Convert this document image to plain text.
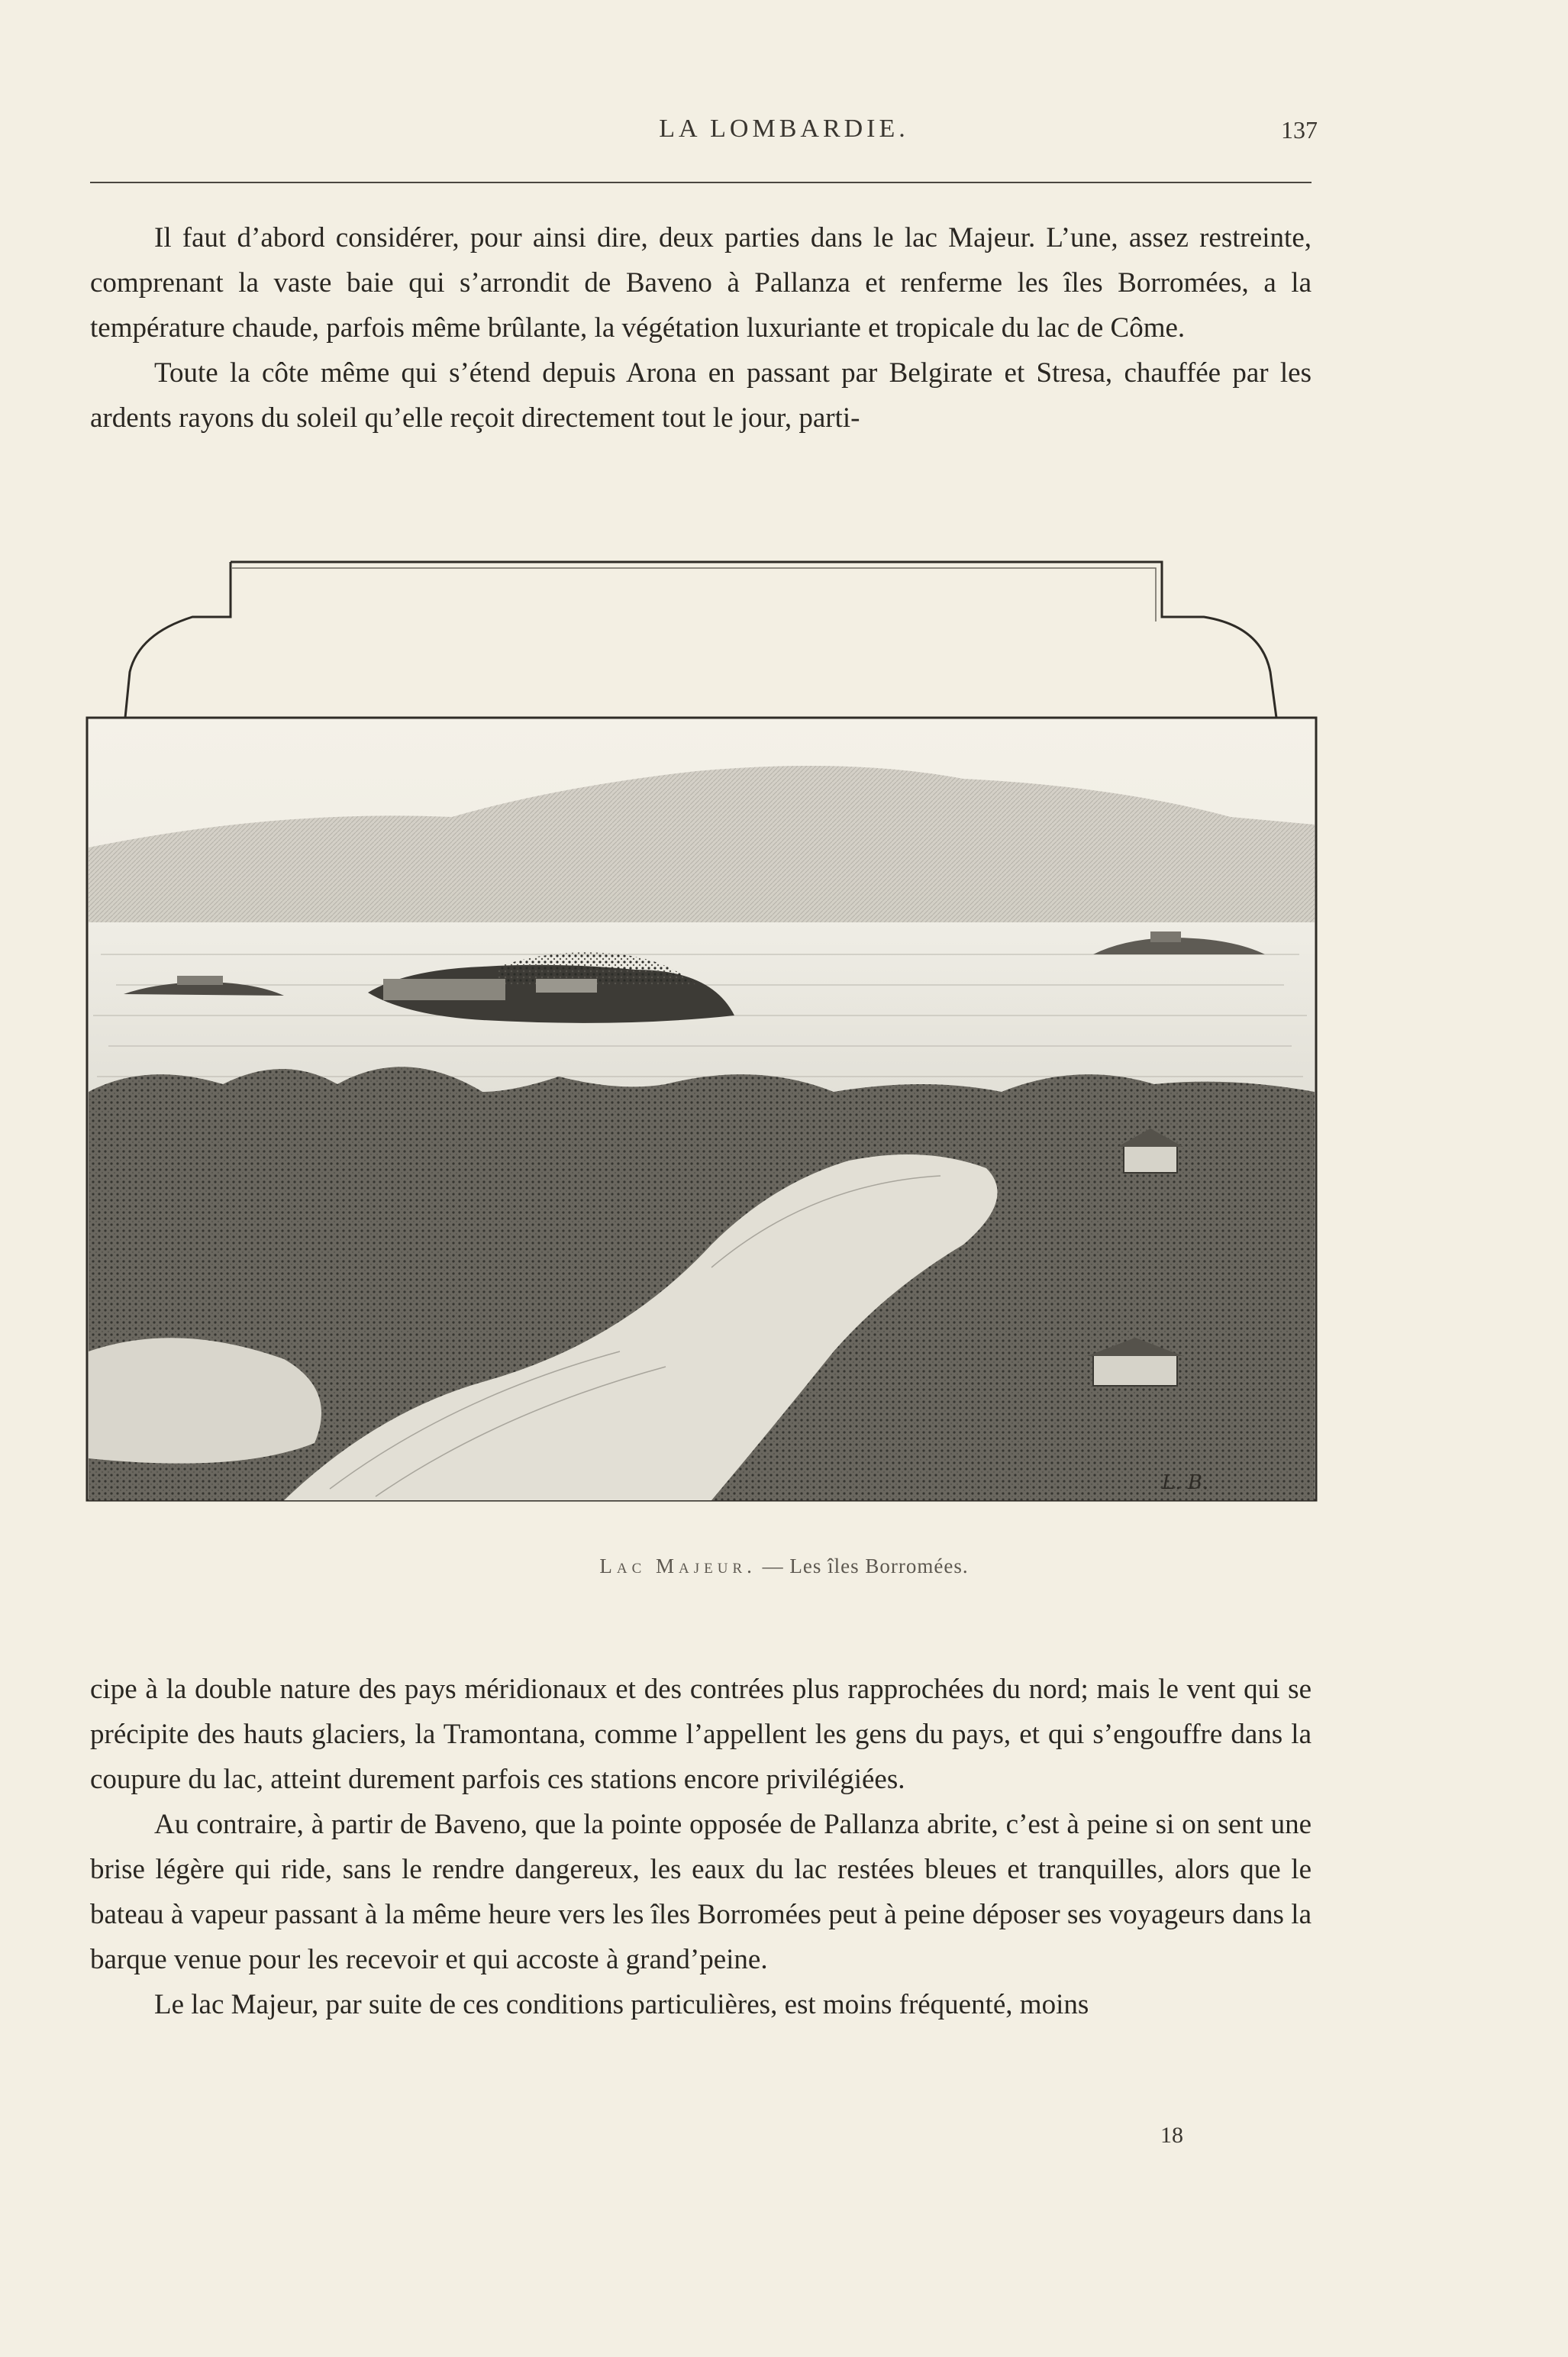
LA LOMBARDIE.	137

Il faut d’abord considérer, pour ainsi dire, deux parties dans le lac Majeur. L’une, assez restreinte, comprenant la vaste baie qui s’arrondit de Baveno à Pallanza et renferme les îles Borromées, a la température chaude, parfois même brûlante, la végétation luxuriante et tropicale du lac de Côme.

Toute la côte même qui s’étend depuis Arona en passant par Belgirate et Stresa, chauffée par les ardents rayons du soleil qu’elle reçoit directement tout le jour, parti-

L. B.
Lac Majeur. — Les îles Borromées.

cipe à la double nature des pays méridionaux et des contrées plus rapprochées du nord; mais le vent qui se précipite des hauts glaciers, la Tramontana, comme l’appellent les gens du pays, et qui s’engouffre dans la coupure du lac, atteint durement parfois ces stations encore privilégiées.

Au contraire, à partir de Baveno, que la pointe opposée de Pallanza abrite, c’est à peine si on sent une brise légère qui ride, sans le rendre dangereux, les eaux du lac restées bleues et tranquilles, alors que le bateau à vapeur passant à la même heure vers les îles Borromées peut à peine déposer ses voyageurs dans la barque venue pour les recevoir et qui accoste à grand’peine.

Le lac Majeur, par suite de ces conditions particulières, est moins fréquenté, moins

18
